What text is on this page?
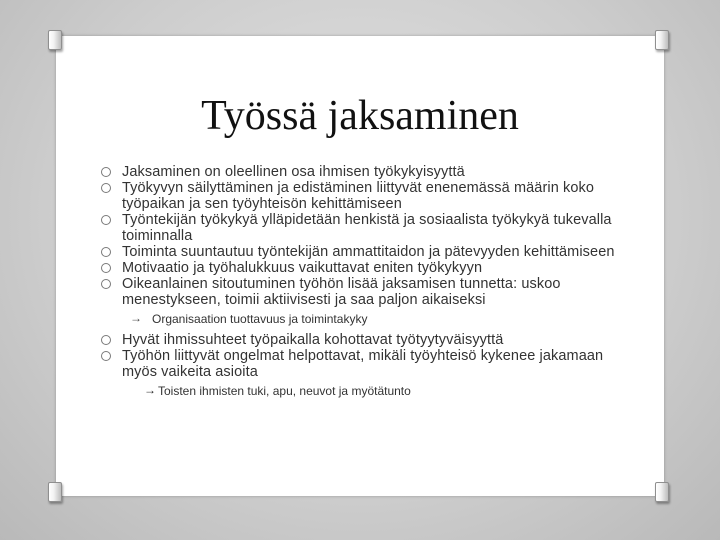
Työssä jaksaminen
Jaksaminen on oleellinen osa ihmisen työkykyisyyttä
Työkyvyn säilyttäminen ja edistäminen liittyvät enenemässä määrin koko työpaikan ja sen työyhteisön kehittämiseen
Työntekijän työkykyä ylläpidetään henkistä ja sosiaalista työkykyä tukevalla toiminnalla
Toiminta suuntautuu työntekijän ammattitaidon ja pätevyyden kehittämiseen
Motivaatio ja työhalukkuus vaikuttavat eniten työkykyyn
Oikeanlainen sitoutuminen työhön lisää jaksamisen tunnetta: uskoo menestykseen, toimii aktiivisesti ja saa paljon aikaiseksi
→ Organisaation tuottavuus ja toimintakyky
Hyvät ihmissuhteet työpaikalla kohottavat työtyytyväisyyttä
Työhön liittyvät ongelmat helpottavat, mikäli työyhteisö kykenee jakamaan myös vaikeita asioita
→ Toisten ihmisten tuki, apu, neuvot ja myötätunto
